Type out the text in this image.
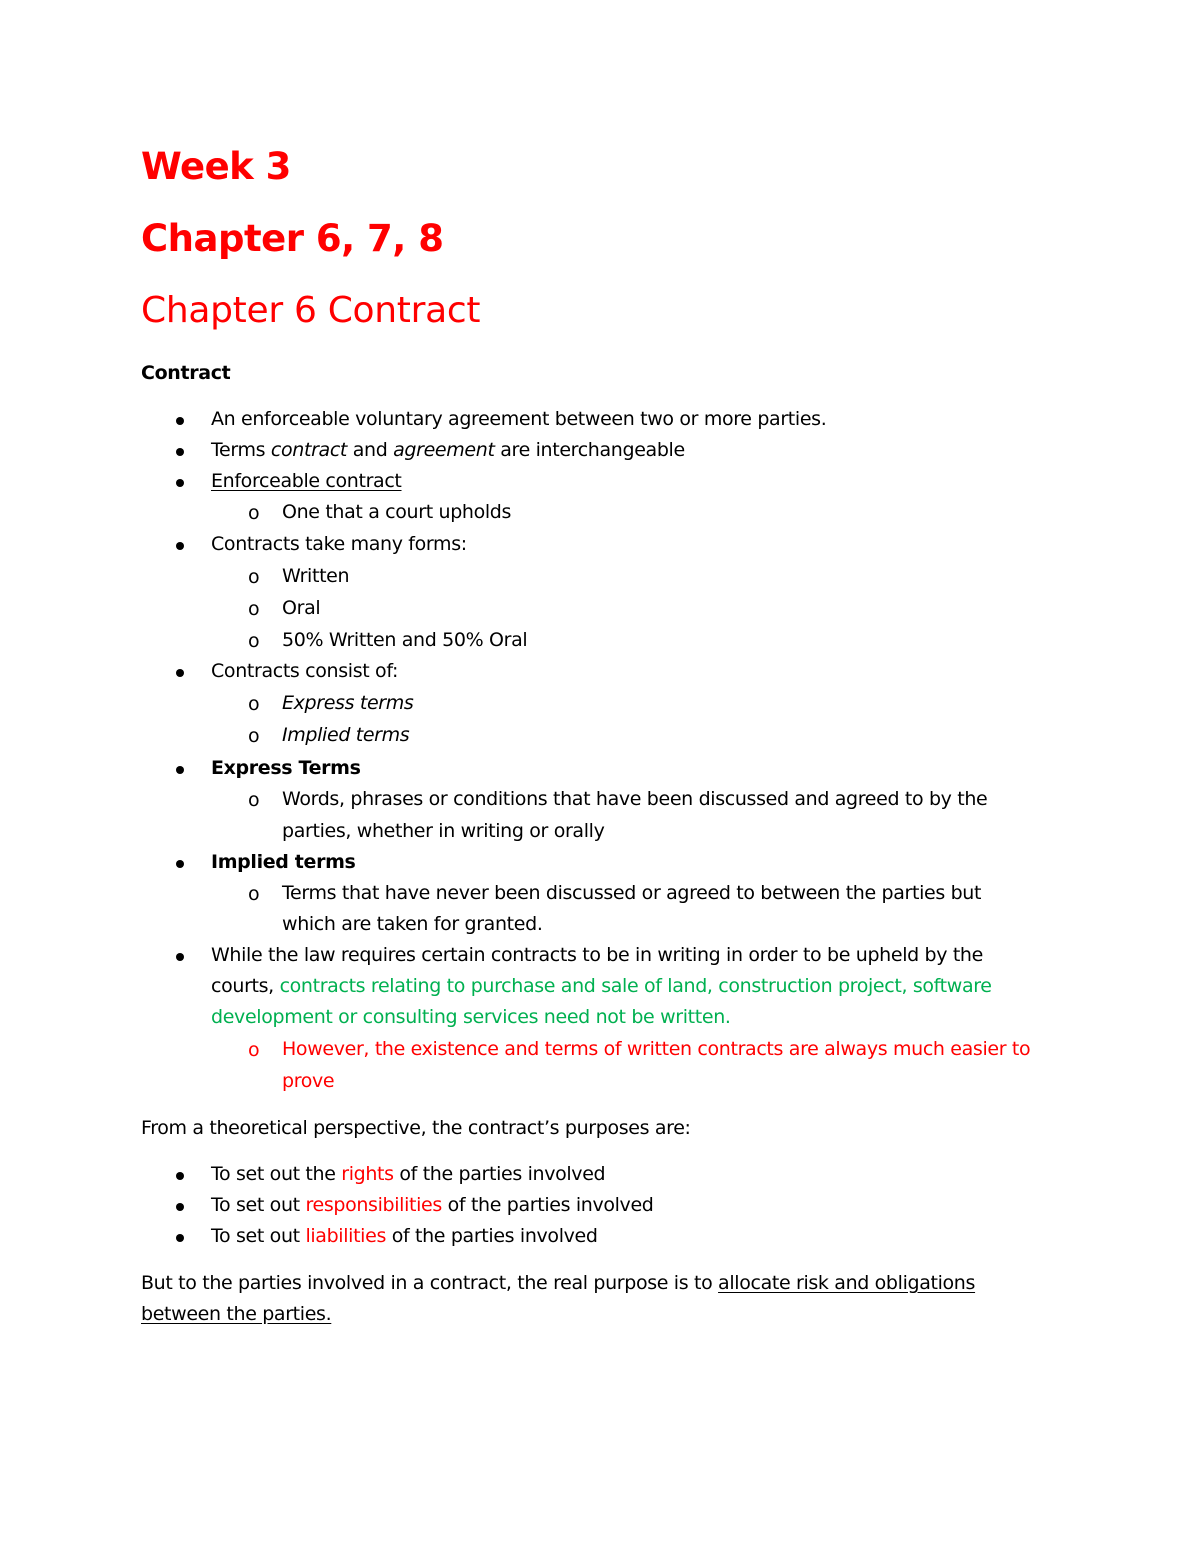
Week 3
Chapter 6, 7, 8
Chapter 6 Contract
Contract
An enforceable voluntary agreement between two or more parties.
Terms contract and agreement are interchangeable
Enforceable contract
o One that a court upholds
Contracts take many forms:
o Written
o Oral
o 50% Written and 50% Oral
Contracts consist of:
o Express terms
o Implied terms
Express Terms
o Words, phrases or conditions that have been discussed and agreed to by the
parties, whether in writing or orally
Implied terms
o Terms that have never been discussed or agreed to between the parties but
which are taken for granted.
While the law requires certain contracts to be in writing in order to be upheld by the
courts, contracts relating to purchase and sale of land, construction project, software
development or consulting services need not be written.
o However, the existence and terms of written contracts are always much easier to
prove
From a theoretical perspective, the contract’s purposes are:
To set out the rights of the parties involved
To set out responsibilities of the parties involved
To set out liabilities of the parties involved
But to the parties involved in a contract, the real purpose is to allocate risk and obligations
between the parties.
